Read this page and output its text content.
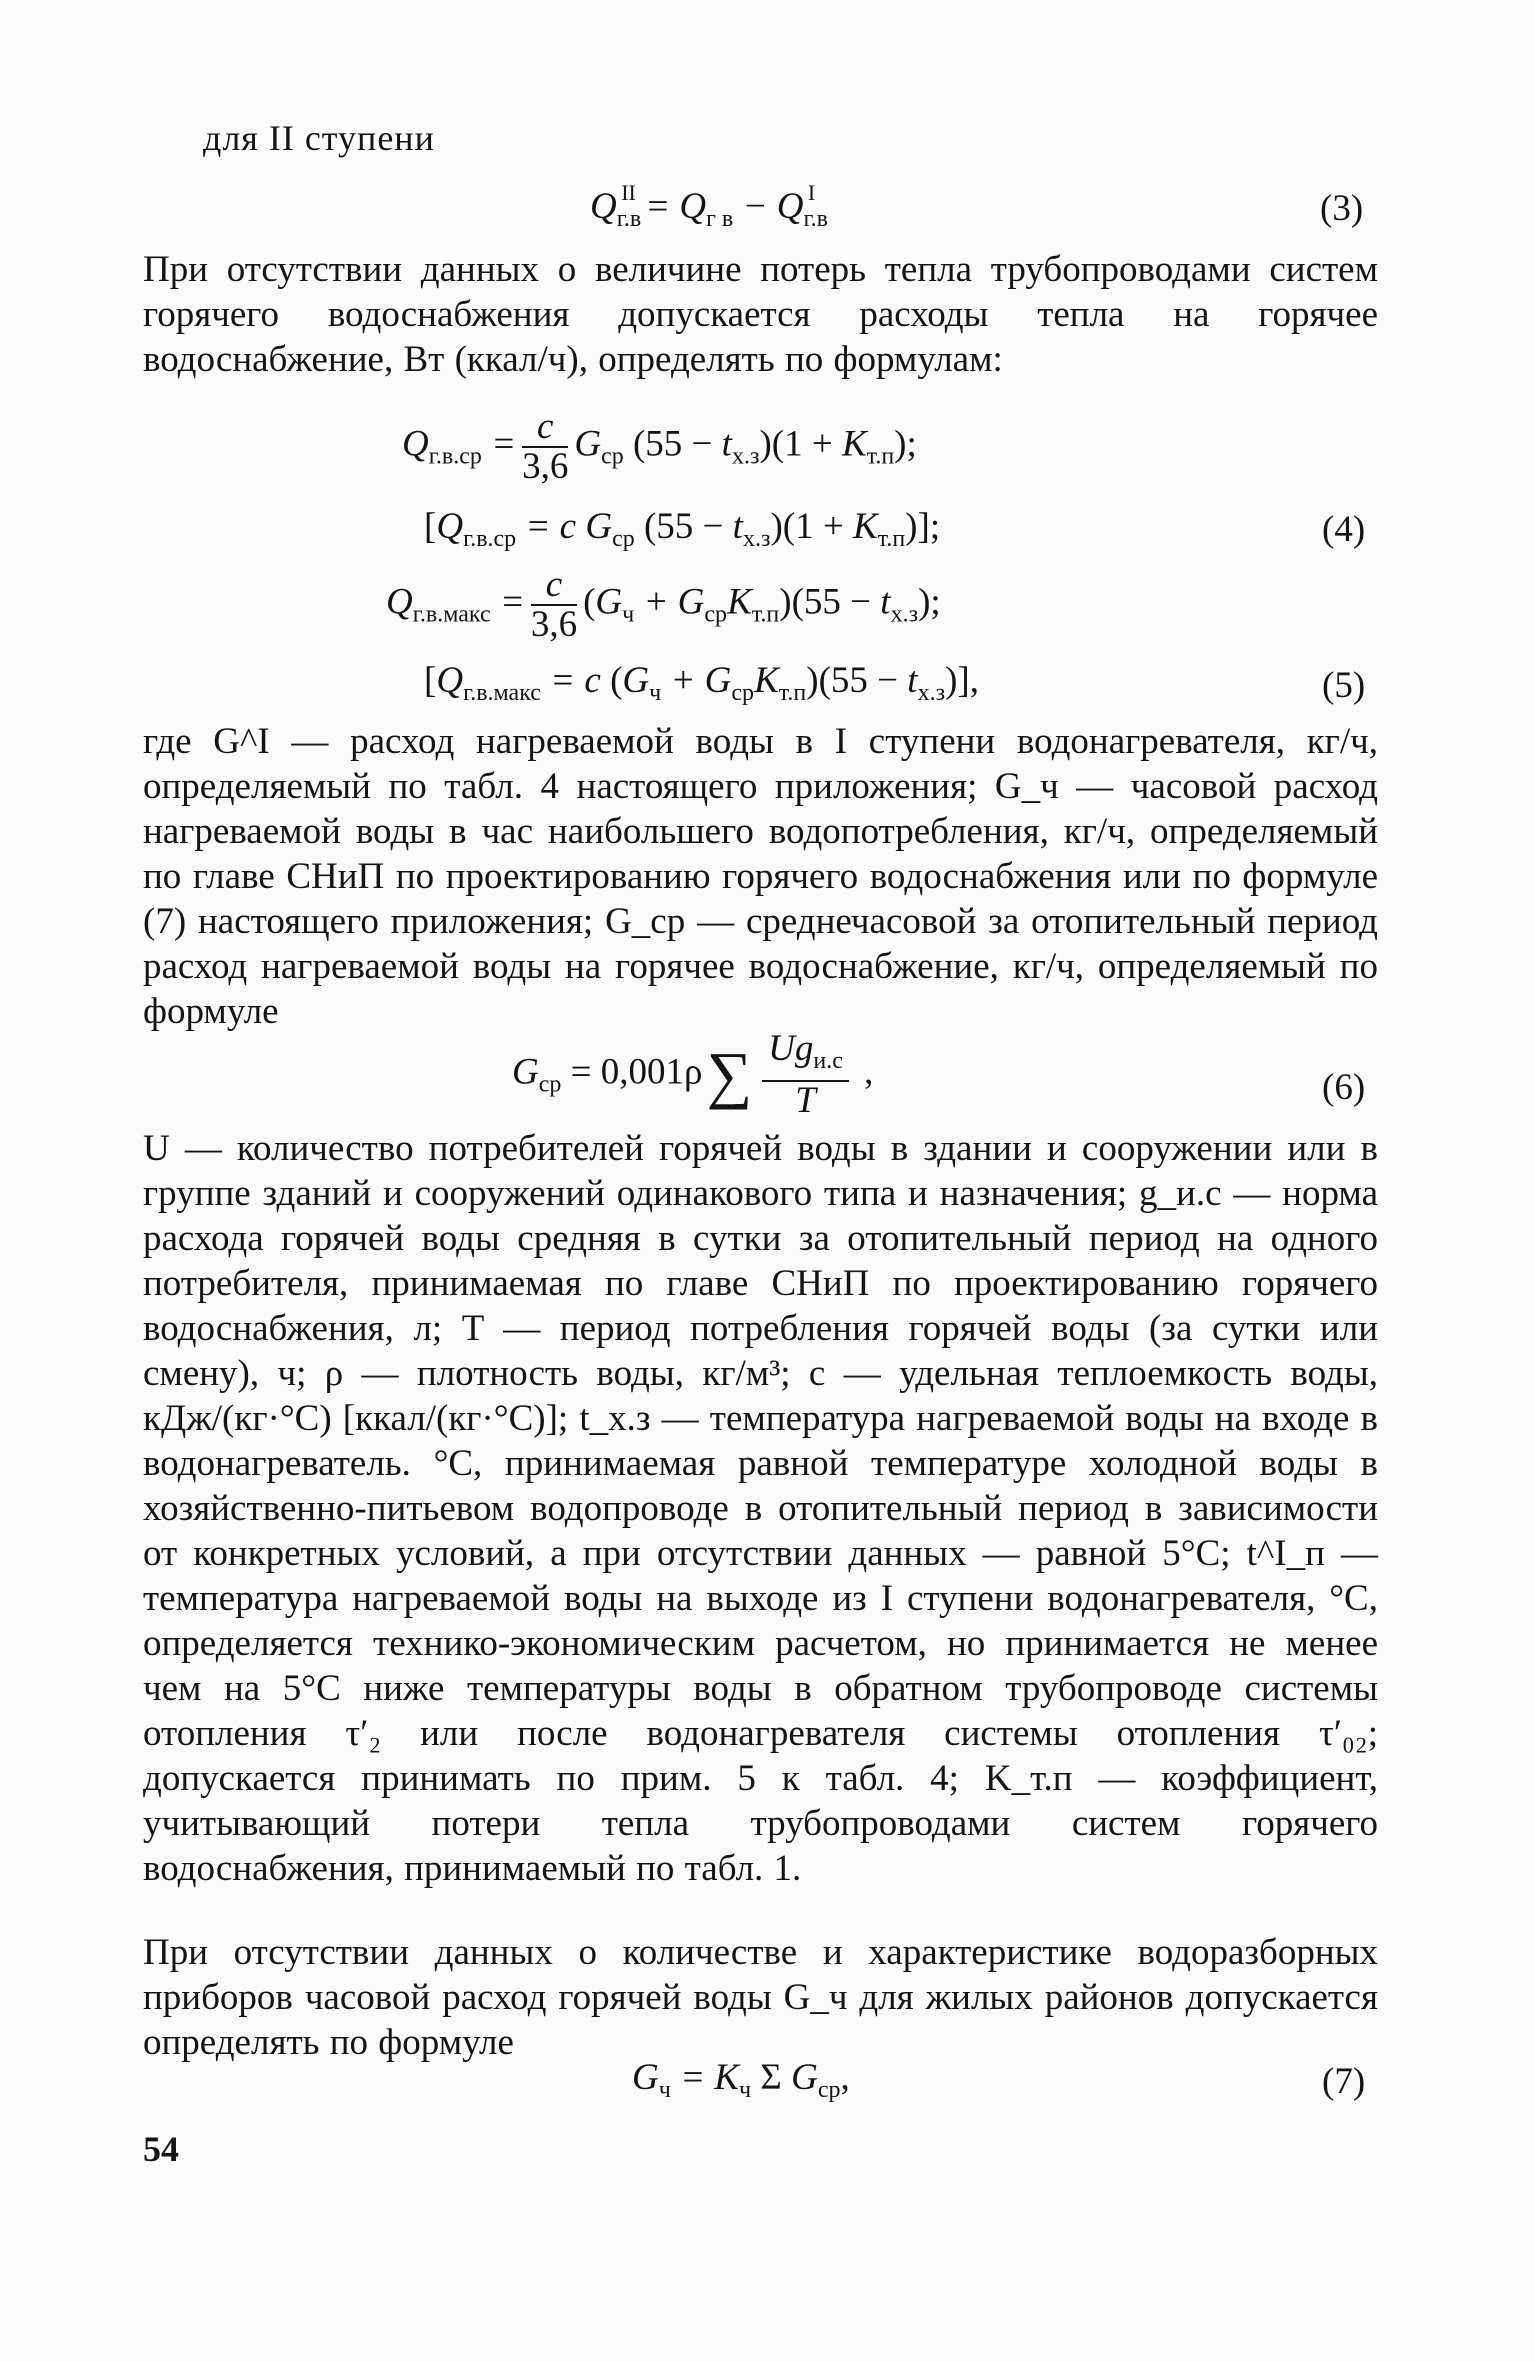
для II ступени
$Q_{г.в}^{II} = Q_{г в} - Q_{г.в}^I$	(3)
При отсутствии данных о величине потерь тепла трубопроводами систем горячего водоснабжения допускается расходы тепла на горячее водоснабжение, Вт (ккал/ч), определять по формулам:
$Q_{г.в.ср} = \frac{c}{3,6} G_{ср}$ $(55 - t_{х.з})(1 + K_{т.п})$;
[$Q_{г.в.ср} = c$ $G_{ср}$ $(55 - t_{х.з})(1 + K_{т.п})$];	(4)
$Q_{г.в.макс} = \frac{c}{3,6} (G_ч + G_{ср}K_{т.п})(55 - t_{х.з})$;
[$Q_{г.в.макс} = c$ $(G_ч + G_{ср}K_{т.п})(55 - t_{х.з})$],	(5)
где G^I — расход нагреваемой воды в I ступени водонагревателя, кг/ч, определяемый по табл. 4 настоящего приложения; G_ч — часовой расход нагреваемой воды в час наибольшего водопотребления, кг/ч, определяемый по главе СНиП по проектированию горячего водоснабжения или по формуле (7) настоящего приложения; G_ср — среднечасовой за отопительный период расход нагреваемой воды на горячее водоснабжение, кг/ч, определяемый по формуле
$G_{ср} = 0,001\rho\sum \frac{Ug_{и.с}}{T}$ ,	(6)
U — количество потребителей горячей воды в здании и сооружении или в группе зданий и сооружений одинакового типа и назначения; g_и.с — норма расхода горячей воды средняя в сутки за отопительный период на одного потребителя, принимаемая по главе СНиП по проектированию горячего водоснабжения, л; T — период потребления горячей воды (за сутки или смену), ч; ρ — плотность воды, кг/м³; c — удельная теплоемкость воды, кДж/(кг·°С) [ккал/(кг·°С)]; t_х.з — температура нагреваемой воды на входе в водонагреватель. °С, принимаемая равной температуре холодной воды в хозяйственно-питьевом водопроводе в отопительный период в зависимости от конкретных условий, а при отсутствии данных — равной 5°С; t^I_п — температура нагреваемой воды на выходе из I ступени водонагревателя, °С, определяется технико-экономическим расчетом, но принимается не менее чем на 5°С ниже температуры воды в обратном трубопроводе системы отопления τ′₂ или после водонагревателя системы отопления τ′₀₂; допускается принимать по прим. 5 к табл. 4; K_т.п — коэффициент, учитывающий потери тепла трубопроводами систем горячего водоснабжения, принимаемый по табл. 1.
При отсутствии данных о количестве и характеристике водоразборных приборов часовой расход горячей воды G_ч для жилых районов допускается определять по формуле
$G_ч = K_ч$ Σ $G_{ср}$,	(7)
54
